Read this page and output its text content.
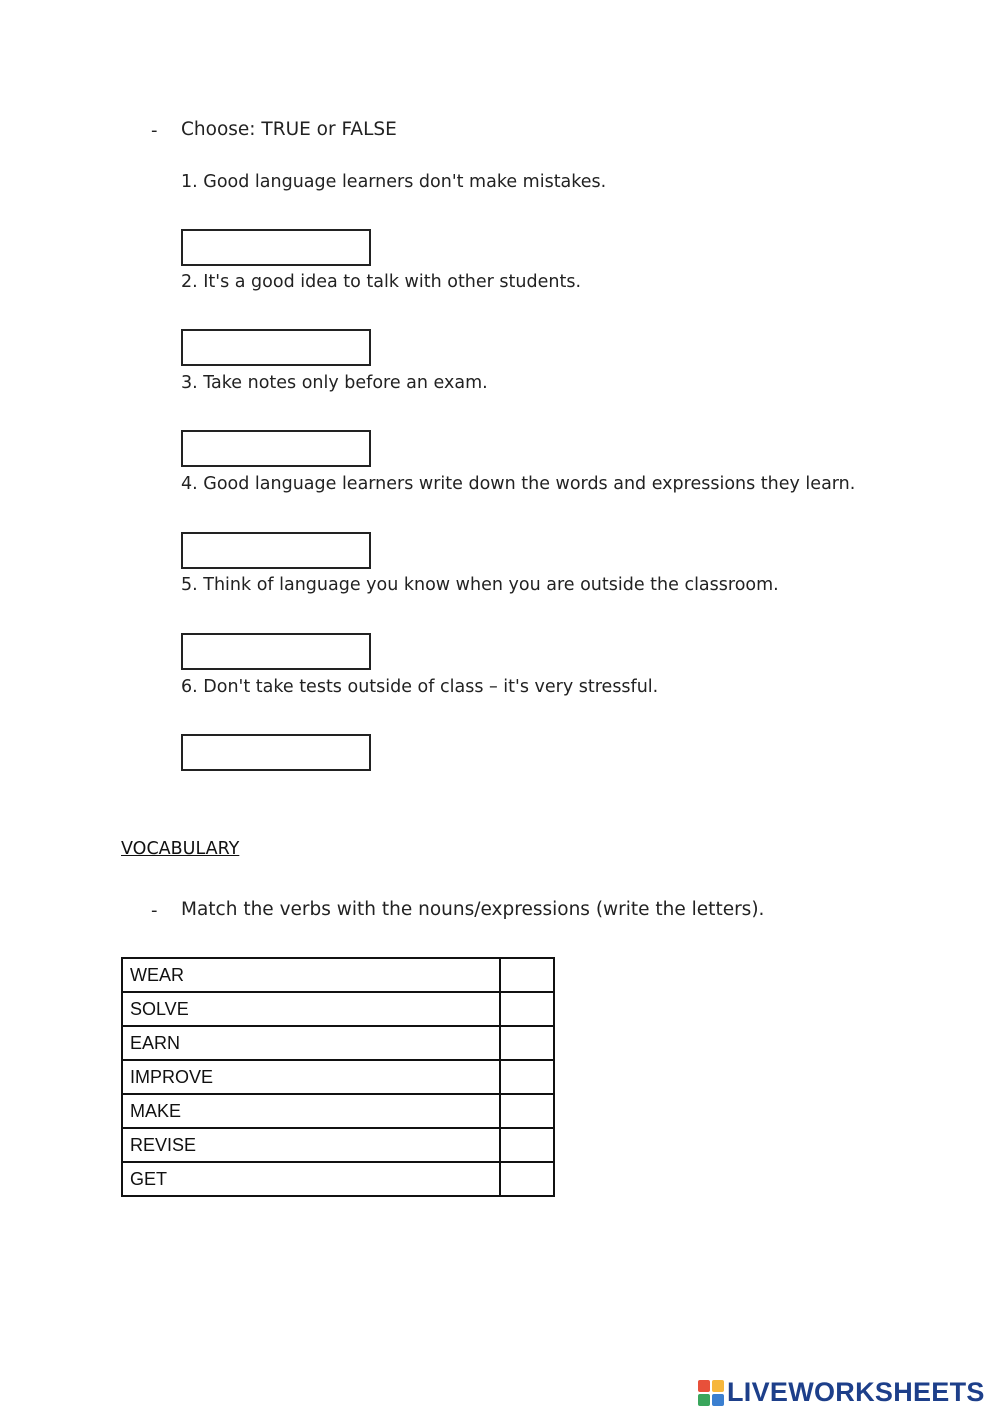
- Choose: TRUE or FALSE
1. Good language learners don't make mistakes.
2. It's a good idea to talk with other students.
3. Take notes only before an exam.
4. Good language learners write down the words and expressions they learn.
5. Think of language you know when you are outside the classroom.
6. Don't take tests outside of class – it's very stressful.
VOCABULARY
- Match the verbs with the nouns/expressions (write the letters).
WEAR	
SOLVE	
EARN	
IMPROVE	
MAKE	
REVISE	
GET	
LIVEWORKSHEETS
